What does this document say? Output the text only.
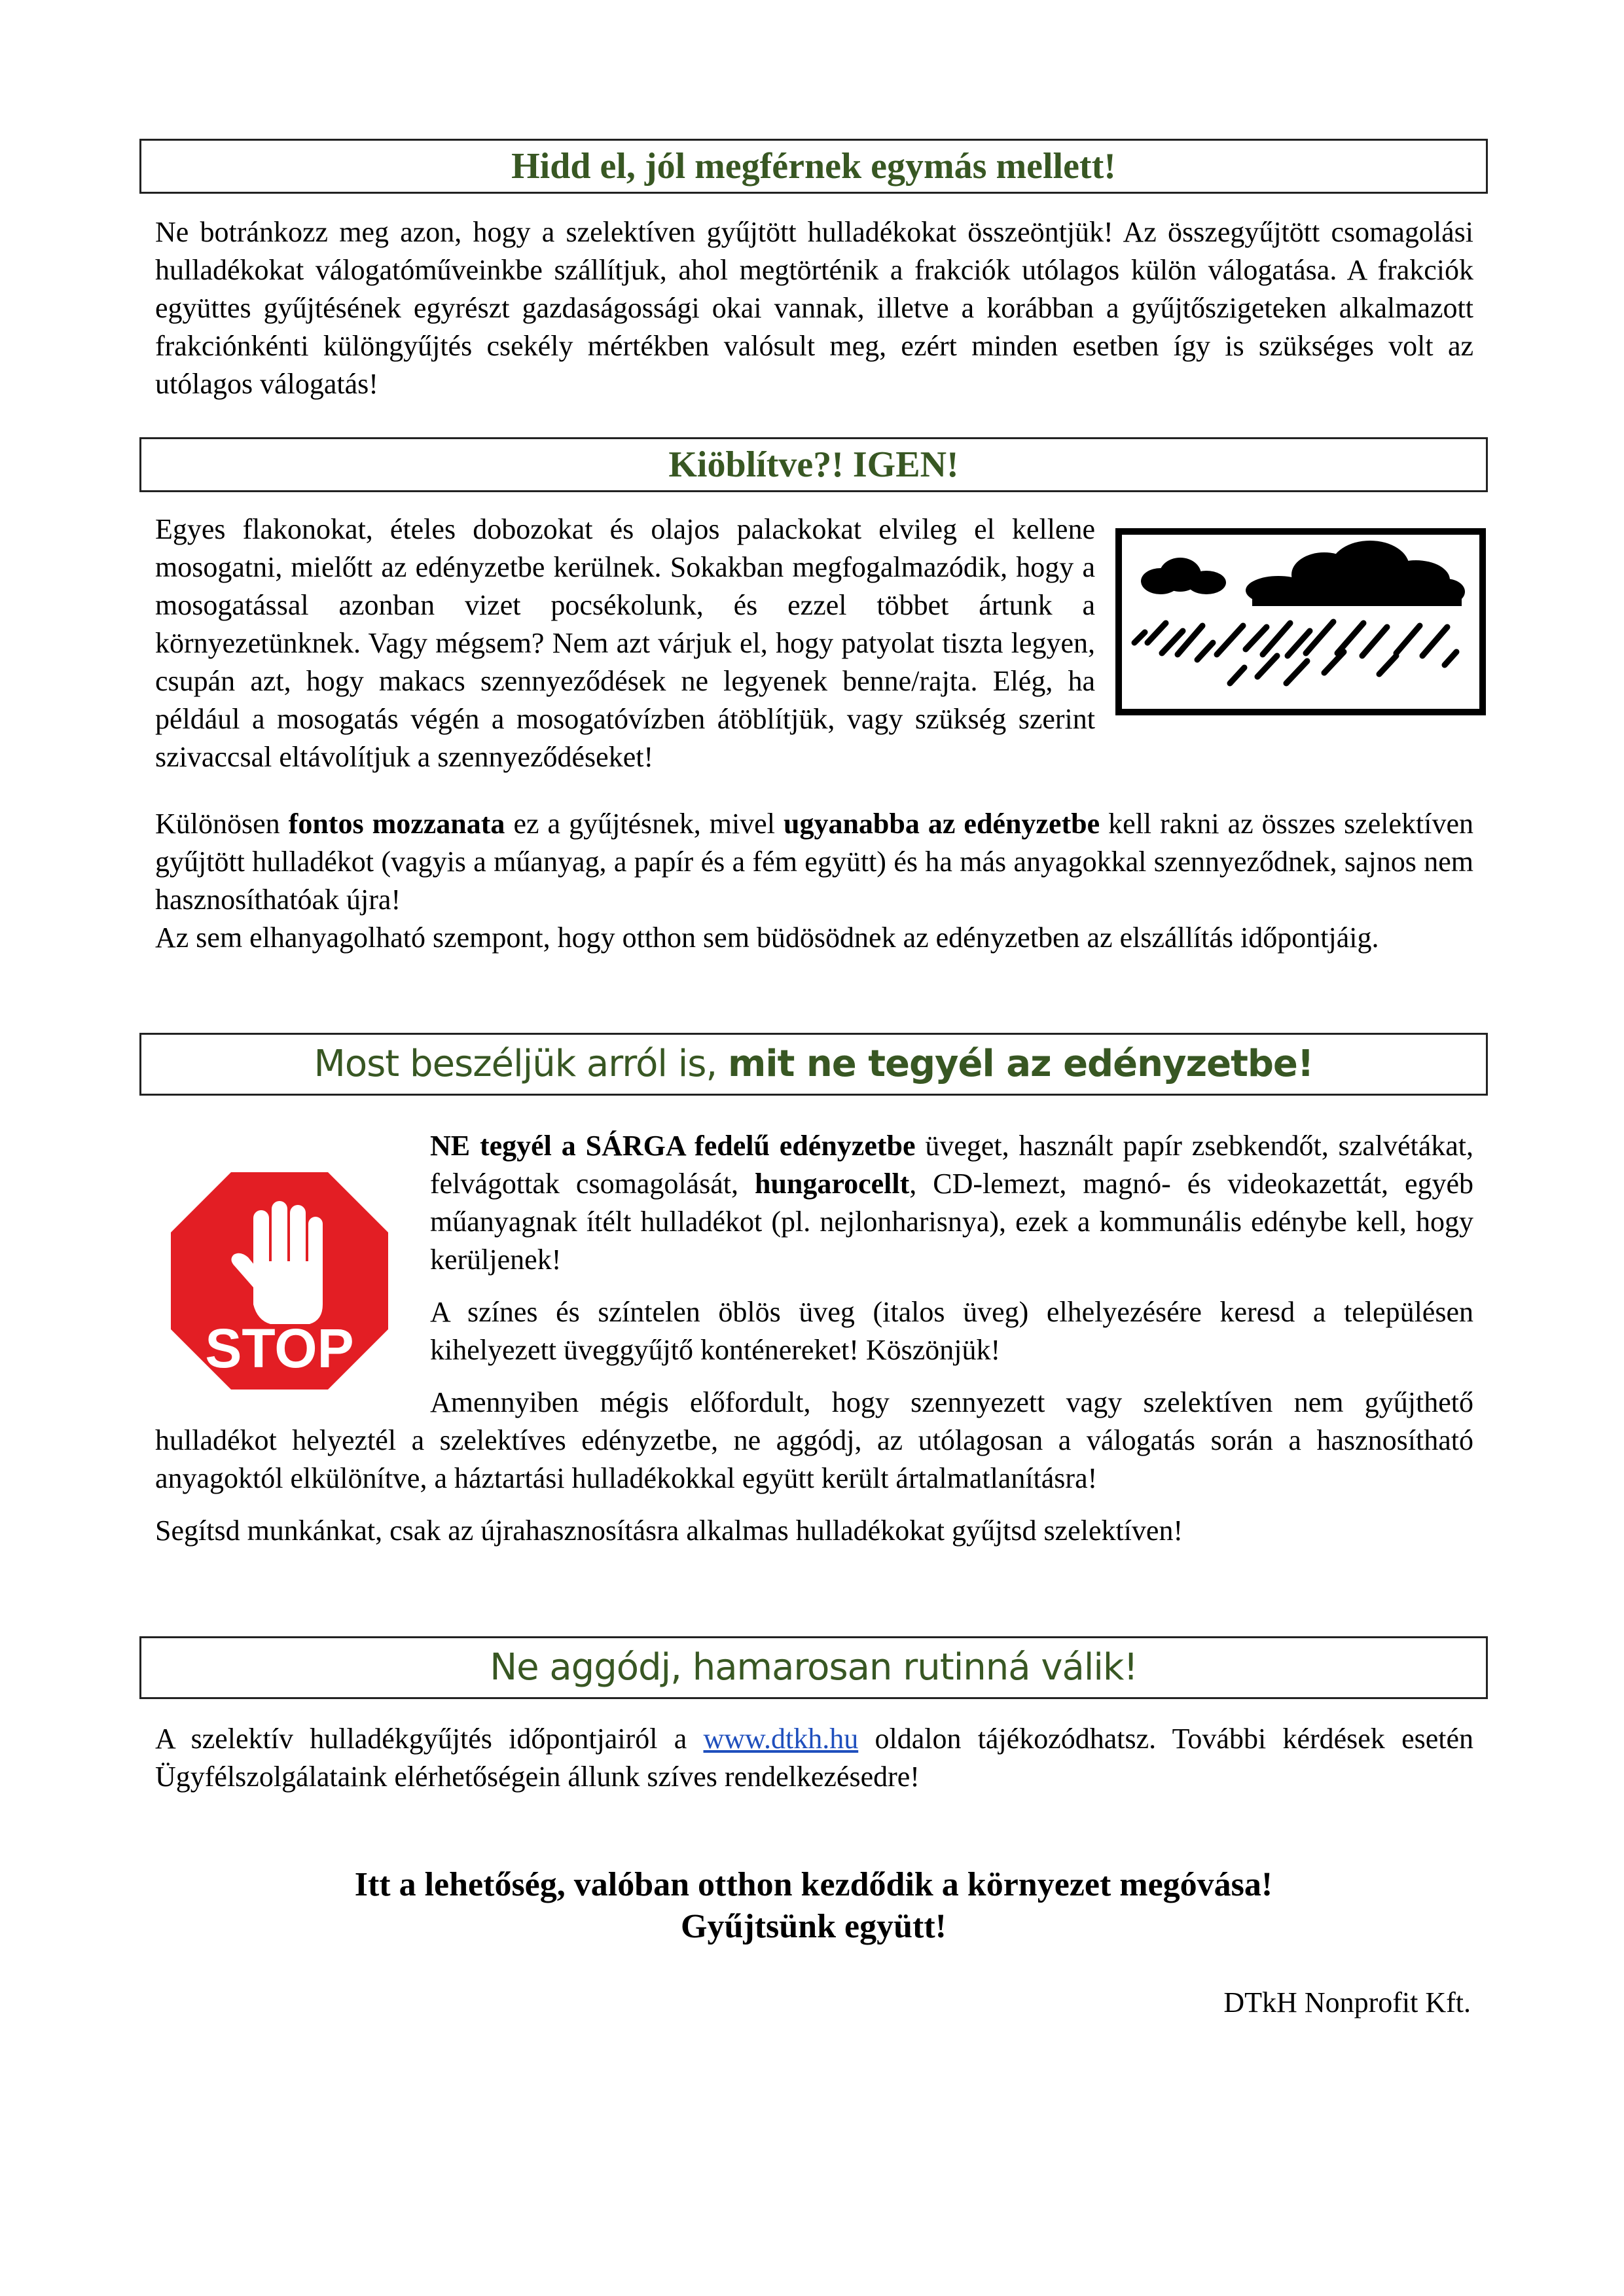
Hidd el, jól megférnek egymás mellett!

Ne botránkozz meg azon, hogy a szelektíven gyűjtött hulladékokat összeöntjük! Az összegyűjtött csomagolási hulladékokat válogatóműveinkbe szállítjuk, ahol megtörténik a frakciók utólagos külön válogatása. A frakciók együttes gyűjtésének egyrészt gazdaságossági okai vannak, illetve a korábban a gyűjtőszigeteken alkalmazott frakciónkénti különgyűjtés csekély mértékben valósult meg, ezért minden esetben így is szükséges volt az utólagos válogatás!

Kiöblítve?! IGEN!
Egyes flakonokat, ételes dobozokat és olajos palackokat elvileg el kellene mosogatni, mielőtt az edényzetbe kerülnek. Sokakban megfogalmazódik, hogy a mosogatással azonban vizet pocsékolunk, és ezzel többet ártunk a környezetünknek. Vagy mégsem? Nem azt várjuk el, hogy patyolat tiszta legyen, csupán azt, hogy makacs szennyeződések ne legyenek benne/rajta. Elég, ha például a mosogatás végén a mosogatóvízben átöblítjük, vagy szükség szerint szivaccsal eltávolítjuk a szennyeződéseket!

Különösen fontos mozzanata ez a gyűjtésnek, mivel ugyanabba az edényzetbe kell rakni az összes szelektíven gyűjtött hulladékot (vagyis a műanyag, a papír és a fém együtt) és ha más anyagokkal szennyeződnek, sajnos nem hasznosíthatóak újra!
Az sem elhanyagolható szempont, hogy otthon sem büdösödnek az edényzetben az elszállítás időpontjáig.

Most beszéljük arról is, mit ne tegyél az edényzetbe!
STOP

NE tegyél a SÁRGA fedelű edényzetbe üveget, használt papír zsebkendőt, szalvétákat, felvágottak csomagolását, hungarocellt, CD-lemezt, magnó- és videokazettát, egyéb műanyagnak ítélt hulladékot (pl. nejlonharisnya), ezek a kommunális edénybe kell, hogy kerüljenek!

A színes és színtelen öblös üveg (italos üveg) elhelyezésére keresd a településen kihelyezett üveggyűjtő konténereket! Köszönjük!

Amennyiben mégis előfordult, hogy szennyezett vagy szelektíven nem gyűjthető hulladékot helyeztél a szelektíves edényzetbe, ne aggódj, az utólagosan a válogatás során a hasznosítható anyagoktól elkülönítve, a háztartási hulladékokkal együtt került ártalmatlanításra!

Segítsd munkánkat, csak az újrahasznosításra alkalmas hulladékokat gyűjtsd szelektíven!

Ne aggódj, hamarosan rutinná válik!

A szelektív hulladékgyűjtés időpontjairól a www.dtkh.hu oldalon tájékozódhatsz. További kérdések esetén Ügyfélszolgálataink elérhetőségein állunk szíves rendelkezésedre!

Itt a lehetőség, valóban otthon kezdődik a környezet megóvása!
Gyűjtsünk együtt!
DTkH Nonprofit Kft.
